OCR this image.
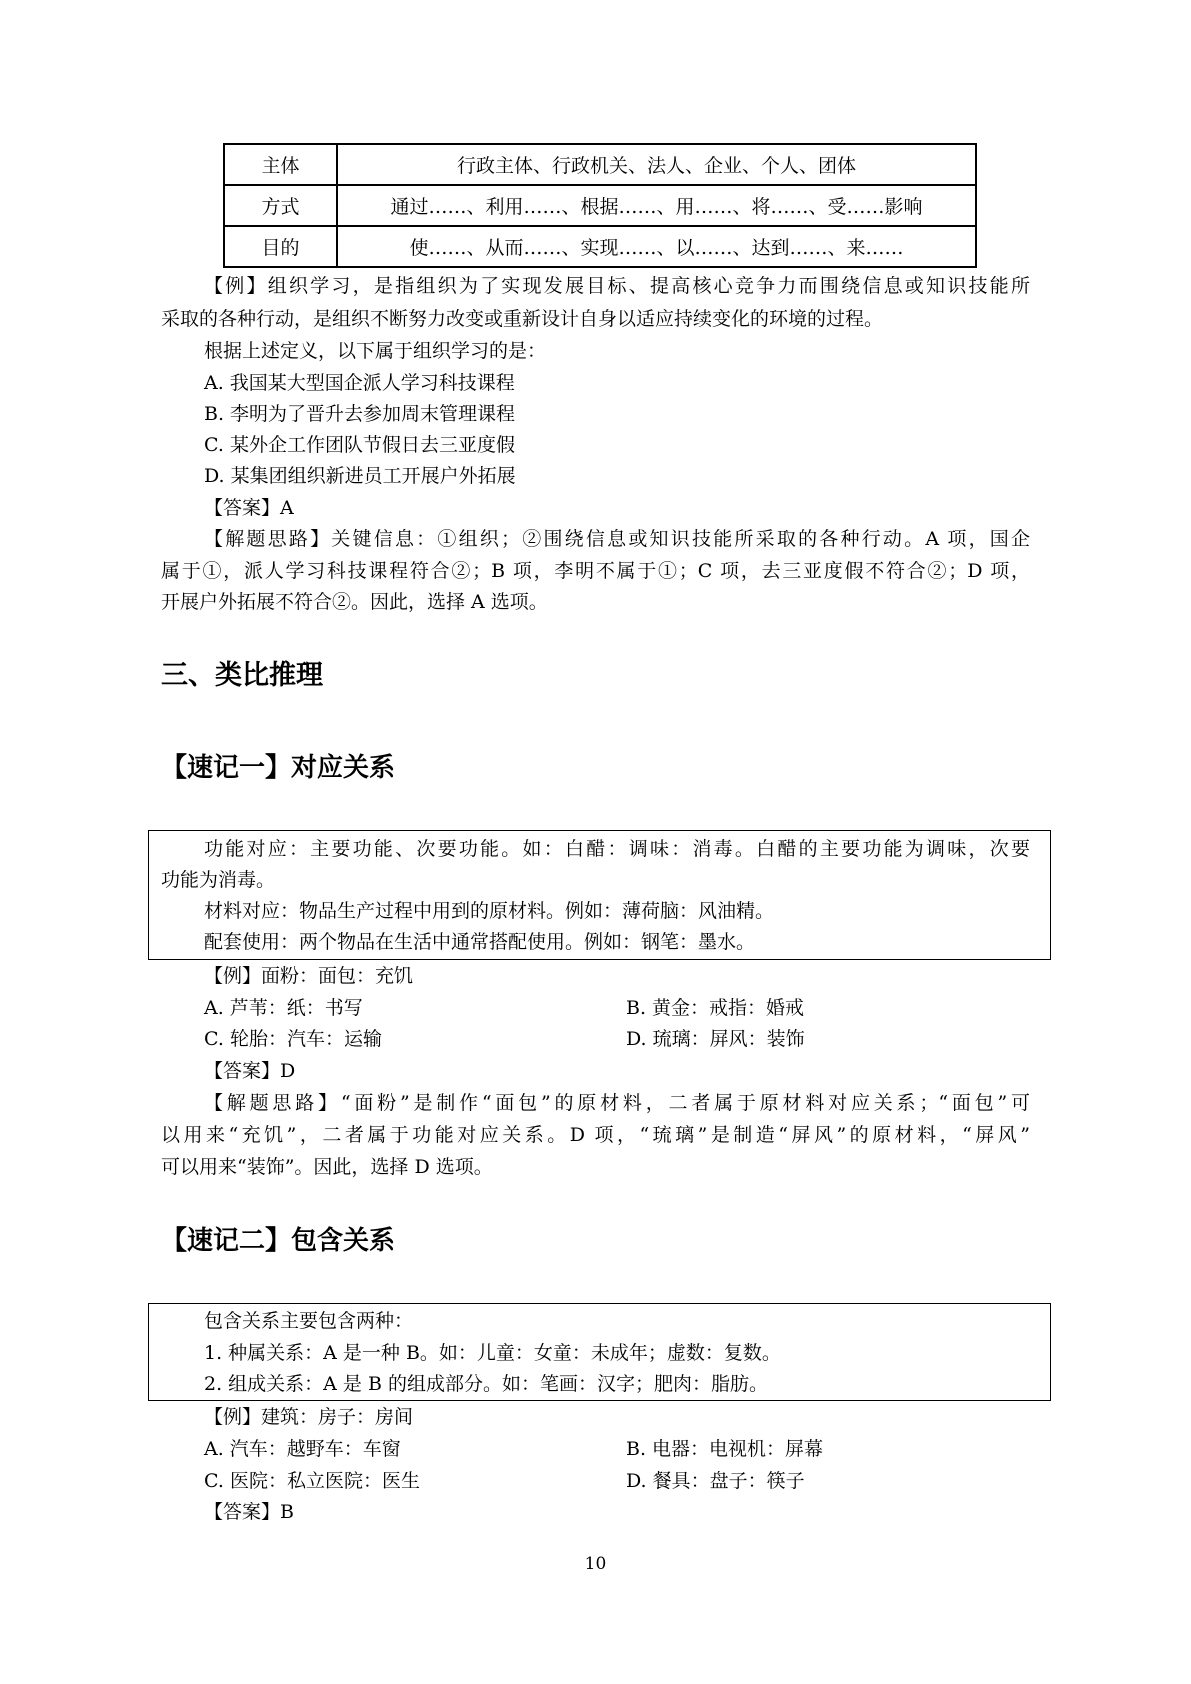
主体	行政主体、行政机关、法人、企业、个人、团体
方式	通过……、利用……、根据……、用……、将……、受……影响
目的	使……、从而……、实现……、以……、达到……、来……
【例】组织学习，是指组织为了实现发展目标、提高核心竞争力而围绕信息或知识技能所
采取的各种行动，是组织不断努力改变或重新设计自身以适应持续变化的环境的过程。
根据上述定义，以下属于组织学习的是：
A. 我国某大型国企派人学习科技课程
B. 李明为了晋升去参加周末管理课程
C. 某外企工作团队节假日去三亚度假
D. 某集团组织新进员工开展户外拓展
【答案】A
【解题思路】关键信息：①组织；②围绕信息或知识技能所采取的各种行动。A 项，国企
属于①，派人学习科技课程符合②；B 项，李明不属于①；C 项，去三亚度假不符合②；D 项，
开展户外拓展不符合②。因此，选择 A 选项。
三、类比推理
【速记一】对应关系
功能对应：主要功能、次要功能。如：白醋：调味：消毒。白醋的主要功能为调味，次要
功能为消毒。
材料对应：物品生产过程中用到的原材料。例如：薄荷脑：风油精。
配套使用：两个物品在生活中通常搭配使用。例如：钢笔：墨水。
【例】面粉：面包：充饥
A. 芦苇：纸：书写	B. 黄金：戒指：婚戒
C. 轮胎：汽车：运输	D. 琉璃：屏风：装饰
【答案】D
【解题思路】“面粉”是制作“面包”的原材料，二者属于原材料对应关系；“面包”可
以用来“充饥”，二者属于功能对应关系。D 项，“琉璃”是制造“屏风”的原材料，“屏风”
可以用来“装饰”。因此，选择 D 选项。
【速记二】包含关系
包含关系主要包含两种：
1. 种属关系：A 是一种 B。如：儿童：女童：未成年；虚数：复数。
2. 组成关系：A 是 B 的组成部分。如：笔画：汉字；肥肉：脂肪。
【例】建筑：房子：房间
A. 汽车：越野车：车窗	B. 电器：电视机：屏幕
C. 医院：私立医院：医生	D. 餐具：盘子：筷子
【答案】B
10
